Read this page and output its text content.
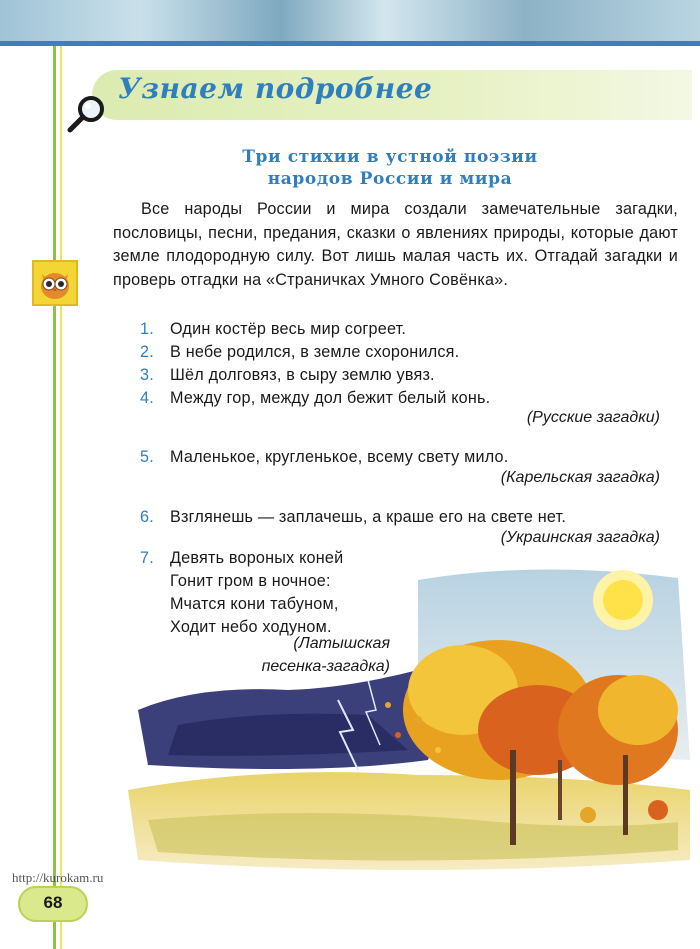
Узнаем подробнее
Три стихии в устной поэзии
народов России и мира
Все народы России и мира создали замечательные загадки, пословицы, песни, предания, сказки о явлениях природы, которые дают земле плодородную силу. Вот лишь малая часть их. Отгадай загадки и проверь отгадки на «Страничках Умного Совёнка».
1. Один костёр весь мир согреет.
2. В небе родился, в земле схоронился.
3. Шёл долговяз, в сыру землю увяз.
4. Между гор, между дол бежит белый конь.
(Русские загадки)
5. Маленькое, кругленькое, всему свету мило.
(Карельская загадка)
6. Взглянешь — заплачешь, а краше его на свете нет.
(Украинская загадка)
7. Девять вороных коней
Гонит гром в ночное:
Мчатся кони табуном,
Ходит небо ходуном.
(Латышская
песенка-загадка)
http://kurokam.ru
68
